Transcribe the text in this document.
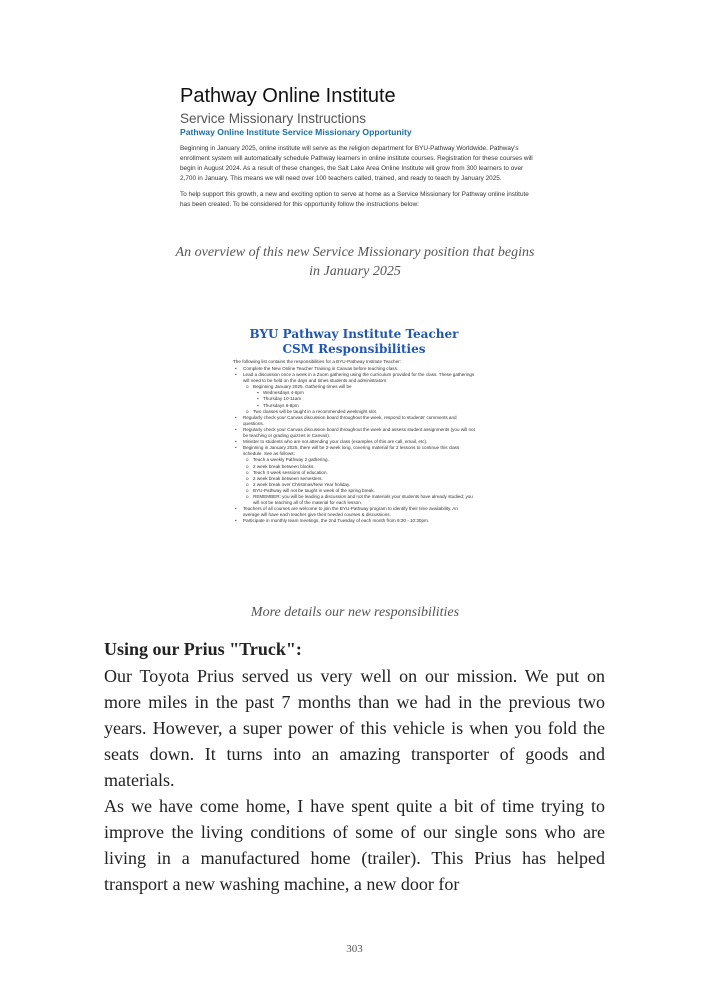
Pathway Online Institute
Service Missionary Instructions
Pathway Online Institute Service Missionary Opportunity

Beginning in January 2025, online institute will serve as the religion department for BYU-Pathway Worldwide. Pathway's enrollment system will automatically schedule Pathway learners in online institute courses. Registration for these courses will begin in August 2024. As a result of these changes, the Salt Lake Area Online Institute will grow from 300 learners to over 2,700 in January. This means we will need over 100 teachers called, trained, and ready to teach by January 2025.

To help support this growth, a new and exciting option to serve at home as a Service Missionary for Pathway online institute has been created. To be considered for this opportunity follow the instructions below:

An overview of this new Service Missionary position that begins in January 2025
BYU Pathway Institute Teacher
CSM Responsibilities
The following list contains the responsibilities for a BYU-Pathway Institute Teacher:
• Complete the New Online Teacher Training in Canvas before teaching class.
• Lead a discussion once a week in a Zoom gathering using the curriculum provided for the class. These gatherings will need to be held on the days and times students and administrators
o Beginning January 2025. Gathering times will be
▪ Wednesdays 4-6pm
▪ Thursday 10-11am
▪ Thursdays 6-8pm
o Two classes will be taught in a recommended weeknight slot.
• Regularly check your Canvas discussion board throughout the week, respond to students' comments and questions.
• Regularly check your Canvas discussion board throughout the week and assess student assignments (you will not be teaching or grading quizzes in Canvas).
• Minister to students who are not attending your class (examples of this are call, email, etc).
• Beginning in January 2025, there will be 2-week long, covering material for 2 lessons to continue this class schedule. See as follows:
o Teach a weekly Pathway 2 gathering.
o 2 week break between blocks.
o Teach 4 week sessions of education.
o 2 week break between semesters.
o 2 week break over Christmas/New Year holiday.
o BYU-Pathway will not be taught in week of the spring break.
o REMEMBER: you will be leading a discussion and not the materials your students have already studied; you will not be teaching all of the material for each lesson.
• Teachers of all courses are welcome to join the BYU-Pathway program to identify their time availability. An average will have each teacher give their needed courses & discussions.
• Participate in monthly team meetings, the 2nd Tuesday of each month from 9:30 - 10:30pm.
More details our new responsibilities
Using our Prius "Truck":

Our Toyota Prius served us very well on our mission. We put on more miles in the past 7 months than we had in the previous two years. However, a super power of this vehicle is when you fold the seats down. It turns into an amazing transporter of goods and materials.

As we have come home, I have spent quite a bit of time trying to improve the living conditions of some of our single sons who are living in a manufactured home (trailer). This Prius has helped transport a new washing machine, a new door for

303
